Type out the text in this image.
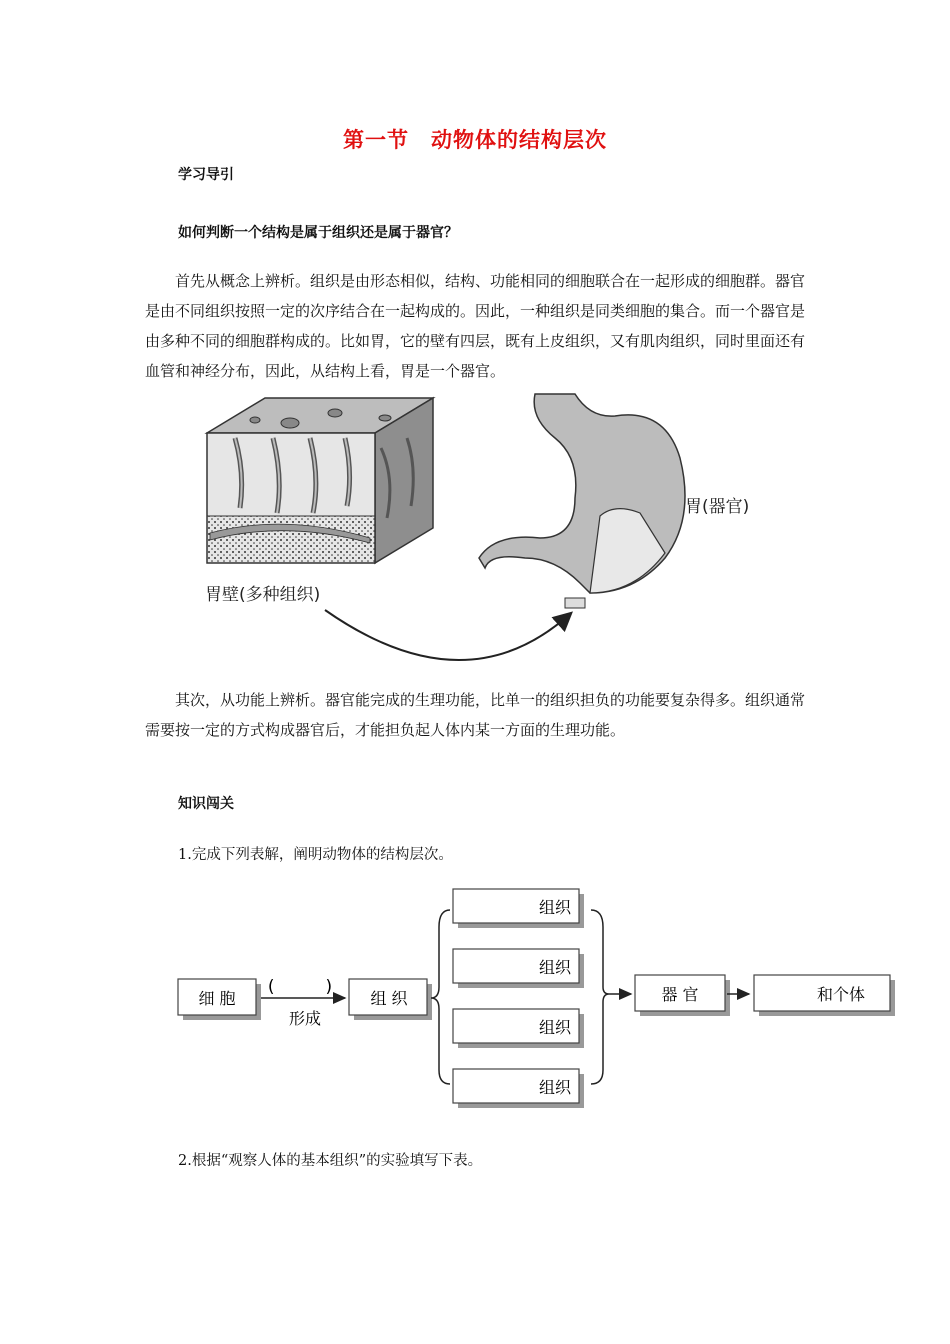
第一节　动物体的结构层次
学习导引
如何判断一个结构是属于组织还是属于器官？
首先从概念上辨析。组织是由形态相似，结构、功能相同的细胞联合在一起形成的细胞群。器官是由不同组织按照一定的次序结合在一起构成的。因此，一种组织是同类细胞的集合。而一个器官是由多种不同的细胞群构成的。比如胃，它的壁有四层，既有上皮组织，又有肌肉组织，同时里面还有血管和神经分布，因此，从结构上看，胃是一个器官。
胃壁(多种组织)
胃(器官)
其次，从功能上辨析。器官能完成的生理功能，比单一的组织担负的功能要复杂得多。组织通常需要按一定的方式构成器官后，才能担负起人体内某一方面的生理功能。
知识闯关
1.完成下列表解，阐明动物体的结构层次。
细 胞
(　　　)
形成
组 织
组织
组织
组织
组织
器 官	和个体
2.根据“观察人体的基本组织”的实验填写下表。
